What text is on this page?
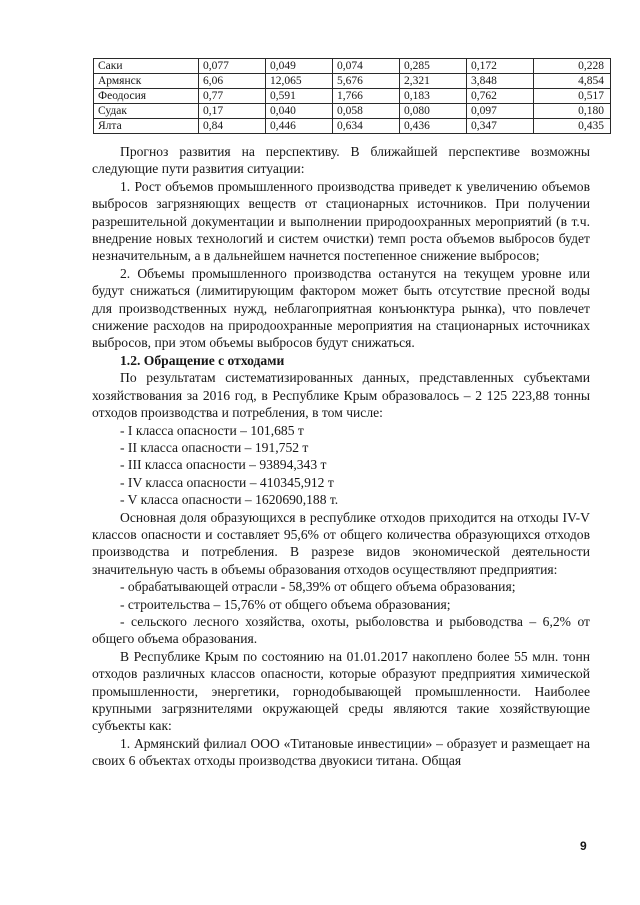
Саки	0,077	0,049	0,074	0,285	0,172	0,228
Армянск	6,06	12,065	5,676	2,321	3,848	4,854
Феодосия	0,77	0,591	1,766	0,183	0,762	0,517
Судак	0,17	0,040	0,058	0,080	0,097	0,180
Ялта	0,84	0,446	0,634	0,436	0,347	0,435

Прогноз развития на перспективу. В ближайшей перспективе возможны следующие пути развития ситуации:

1. Рост объемов промышленного производства приведет к увеличению объемов выбросов загрязняющих веществ от стационарных источников. При получении разрешительной документации и выполнении природоохранных мероприятий (в т.ч. внедрение новых технологий и систем очистки) темп роста объемов выбросов будет незначительным, а в дальнейшем начнется постепенное снижение выбросов;

2. Объемы промышленного производства останутся на текущем уровне или будут снижаться (лимитирующим фактором может быть отсутствие пресной воды для производственных нужд, неблагоприятная конъюнктура рынка), что повлечет снижение расходов на природоохранные мероприятия на стационарных источниках выбросов, при этом объемы выбросов будут снижаться.

1.2. Обращение с отходами

По результатам систематизированных данных, представленных субъектами хозяйствования за 2016 год, в Республике Крым образовалось – 2 125 223,88 тонны отходов производства и потребления, в том числе:

- I класса опасности – 101,685 т

- II класса опасности – 191,752 т

- III класса опасности – 93894,343 т

- IV класса опасности – 410345,912 т

- V класса опасности – 1620690,188 т.

Основная доля образующихся в республике отходов приходится на отходы IV-V классов опасности и составляет 95,6% от общего количества образующихся отходов производства и потребления. В разрезе видов экономической деятельности значительную часть в объемы образования отходов осуществляют предприятия:

- обрабатывающей отрасли - 58,39% от общего объема образования;

- строительства – 15,76% от общего объема образования;

- сельского лесного хозяйства, охоты, рыболовства и рыбоводства – 6,2% от общего объема образования.

В Республике Крым по состоянию на 01.01.2017 накоплено более 55 млн. тонн отходов различных классов опасности, которые образуют предприятия химической промышленности, энергетики, горнодобывающей промышленности. Наиболее крупными загрязнителями окружающей среды являются такие хозяйствующие субъекты как:

1. Армянский филиал ООО «Титановые инвестиции» – образует и размещает на своих 6 объектах отходы производства двуокиси титана. Общая

9
